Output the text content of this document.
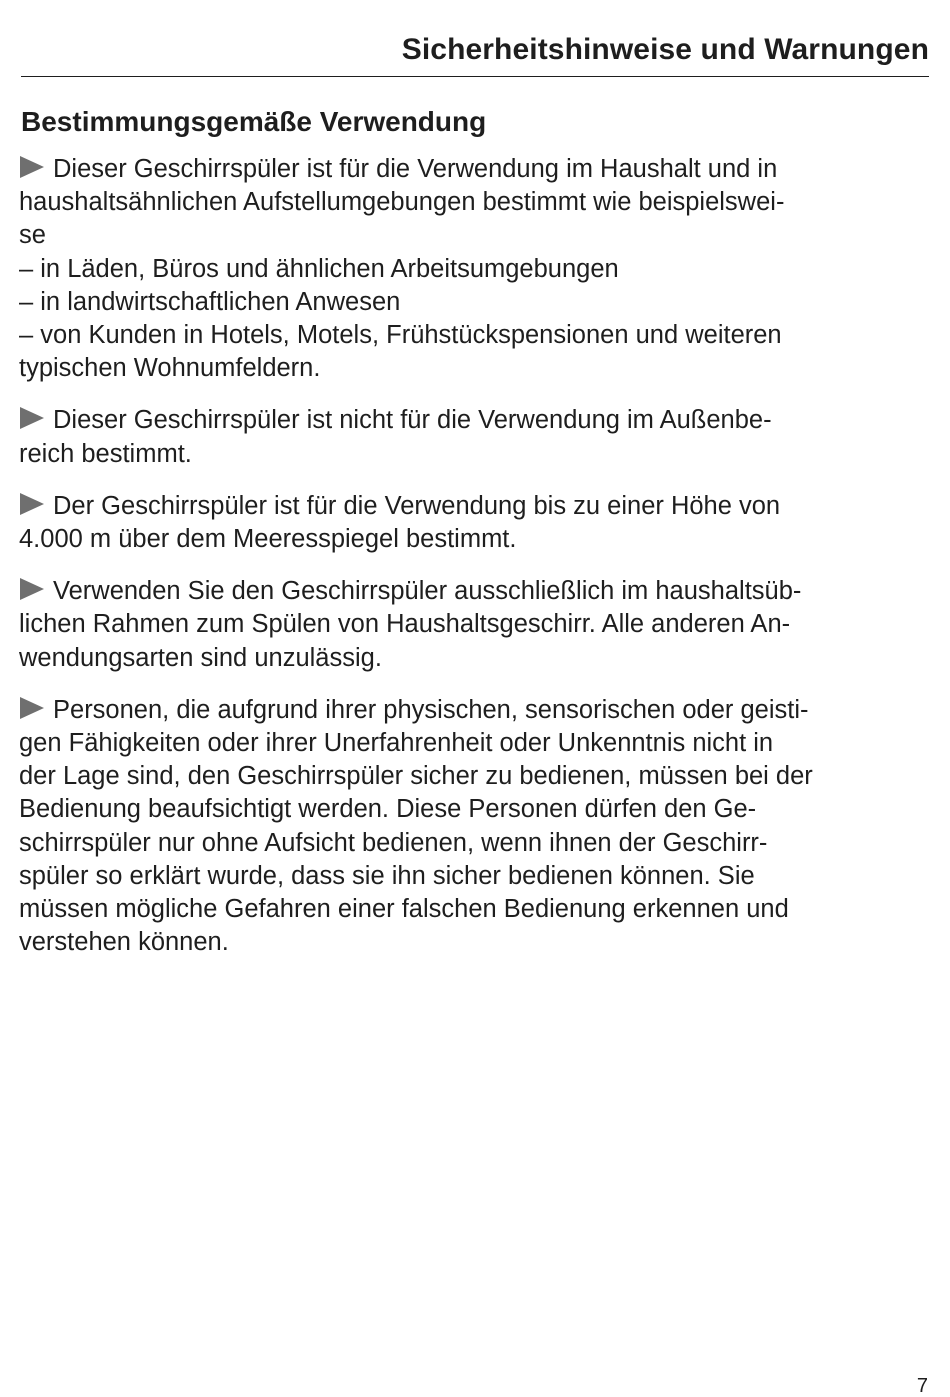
Sicherheitshinweise und Warnungen
Bestimmungsgemäße Verwendung

Dieser Geschirrspüler ist für die Verwendung im Haushalt und in
haushaltsähnlichen Aufstellumgebungen bestimmt wie beispielswei-
se
– in Läden, Büros und ähnlichen Arbeitsumgebungen
– in landwirtschaftlichen Anwesen
– von Kunden in Hotels, Motels, Frühstückspensionen und weiteren
typischen Wohnumfeldern.

Dieser Geschirrspüler ist nicht für die Verwendung im Außenbe-
reich bestimmt.

Der Geschirrspüler ist für die Verwendung bis zu einer Höhe von
4.000 m über dem Meeresspiegel bestimmt.

Verwenden Sie den Geschirrspüler ausschließlich im haushaltsüb-
lichen Rahmen zum Spülen von Haushaltsgeschirr. Alle anderen An-
wendungsarten sind unzulässig.

Personen, die aufgrund ihrer physischen, sensorischen oder geisti-
gen Fähigkeiten oder ihrer Unerfahrenheit oder Unkenntnis nicht in
der Lage sind, den Geschirrspüler sicher zu bedienen, müssen bei der
Bedienung beaufsichtigt werden. Diese Personen dürfen den Ge-
schirrspüler nur ohne Aufsicht bedienen, wenn ihnen der Geschirr-
spüler so erklärt wurde, dass sie ihn sicher bedienen können. Sie
müssen mögliche Gefahren einer falschen Bedienung erkennen und
verstehen können.

7
